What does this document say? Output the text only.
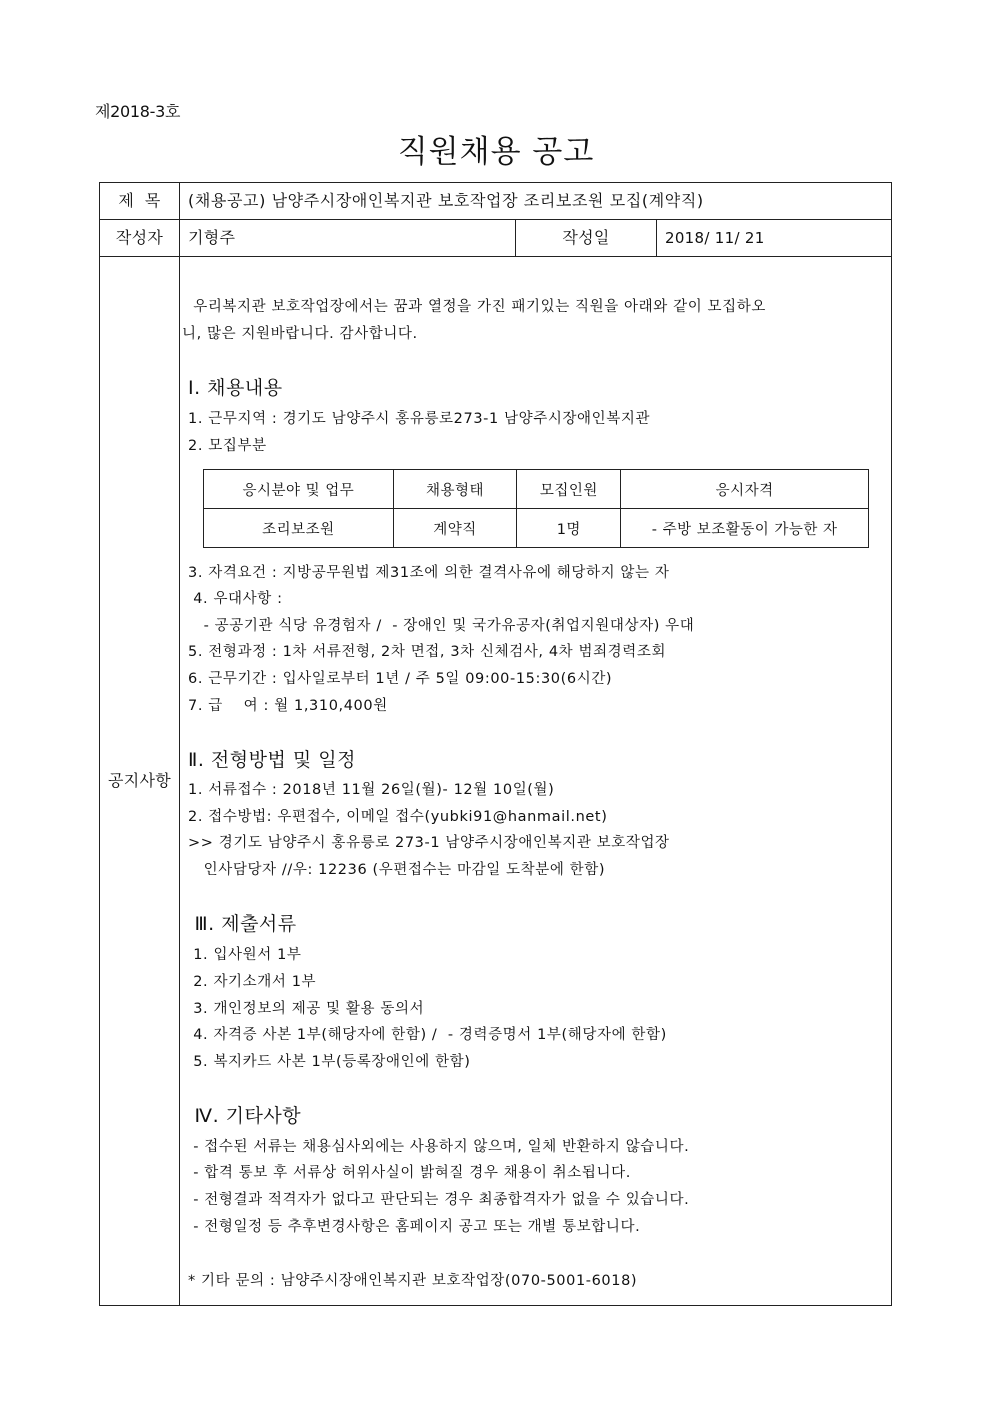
제2018-3호
직원채용 공고
제  목	(채용공고) 남양주시장애인복지관 보호작업장 조리보조원 모집(계약직)
작성자	기형주	작성일	2018/ 11/ 21
공지사항
우리복지관 보호작업장에서는 꿈과 열정을 가진 패기있는 직원을 아래와 같이 모집하오
니, 많은 지원바랍니다. 감사합니다.
Ⅰ. 채용내용
1. 근무지역 : 경기도 남양주시 홍유릉로273-1 남양주시장애인복지관
2. 모집부분
응시분야 및 업무	채용형태	모집인원	응시자격
조리보조원	계약직	1명	- 주방 보조활동이 가능한 자
3. 자격요건 : 지방공무원법 제31조에 의한 결격사유에 해당하지 않는 자
4. 우대사항 :
- 공공기관 식당 유경험자 /  - 장애인 및 국가유공자(취업지원대상자) 우대
5. 전형과정 : 1차 서류전형, 2차 면접, 3차 신체검사, 4차 범죄경력조회
6. 근무기간 : 입사일로부터 1년 / 주 5일 09:00-15:30(6시간)
7. 급    여 : 월 1,310,400원
Ⅱ. 전형방법 및 일정
1. 서류접수 : 2018년 11월 26일(월)- 12월 10일(월)
2. 접수방법: 우편접수, 이메일 접수(yubki91@hanmail.net)
>> 경기도 남양주시 홍유릉로 273-1 남양주시장애인복지관 보호작업장
인사담당자 //우: 12236 (우편접수는 마감일 도착분에 한함)
Ⅲ. 제출서류
1. 입사원서 1부
2. 자기소개서 1부
3. 개인정보의 제공 및 활용 동의서
4. 자격증 사본 1부(해당자에 한함) /  - 경력증명서 1부(해당자에 한함)
5. 복지카드 사본 1부(등록장애인에 한함)
Ⅳ. 기타사항
- 접수된 서류는 채용심사외에는 사용하지 않으며, 일체 반환하지 않습니다.
- 합격 통보 후 서류상 허위사실이 밝혀질 경우 채용이 취소됩니다.
- 전형결과 적격자가 없다고 판단되는 경우 최종합격자가 없을 수 있습니다.
- 전형일정 등 추후변경사항은 홈페이지 공고 또는 개별 통보합니다.
* 기타 문의 : 남양주시장애인복지관 보호작업장(070-5001-6018)
